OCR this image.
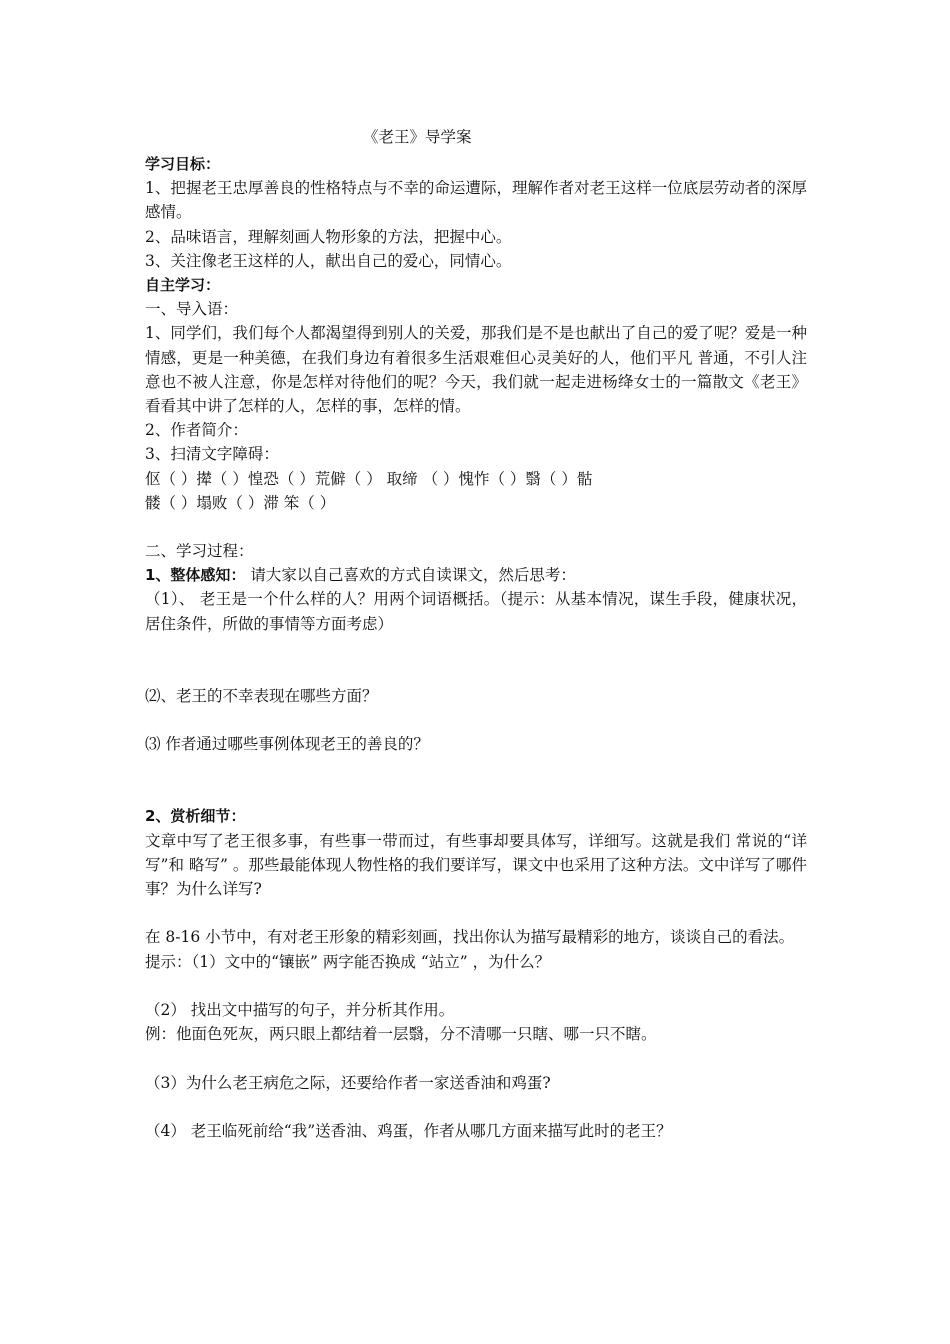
《老王》导学案
学习目标：
1、把握老王忠厚善良的性格特点与不幸的命运遭际，理解作者对老王这样一位底层劳动者的深厚感情。
2、品味语言，理解刻画人物形象的方法，把握中心。
3、关注像老王这样的人，献出自己的爱心，同情心。
自主学习：
一、导入语：
1、同学们，我们每个人都渴望得到别人的关爱，那我们是不是也献出了自己的爱了呢？爱是一种情感，更是一种美德，在我们身边有着很多生活艰难但心灵美好的人，他们平凡 普通，不引人注意也不被人注意，你是怎样对待他们的呢？今天，我们就一起走进杨绛女士的一篇散文《老王》 看看其中讲了怎样的人，怎样的事，怎样的情。
2、作者简介：
3、扫清文字障碍：
伛（ ）撵（ ）惶恐（ ）荒僻（ ） 取缔 （ ）愧怍（ ）翳（ ）骷
髅（ ）塌败（ ）滞 笨（ ）
二、学习过程：
1、整体感知： 请大家以自己喜欢的方式自读课文，然后思考：
（1）、 老王是一个什么样的人？用两个词语概括。（提示：从基本情况，谋生手段，健康状况，居住条件，所做的事情等方面考虑）
⑵、老王的不幸表现在哪些方面？
⑶ 作者通过哪些事例体现老王的善良的？
2、赏析细节：
文章中写了老王很多事，有些事一带而过，有些事却要具体写，详细写。这就是我们 常说的“详写”和 略写” 。那些最能体现人物性格的我们要详写，课文中也采用了这种方法。文中详写了哪件事？为什么详写?
在 8-16 小节中，有对老王形象的精彩刻画，找出你认为描写最精彩的地方，谈谈自己的看法。
提示：（1）文中的“镶嵌” 两字能否换成 “站立” ，为什么？
（2） 找出文中描写的句子，并分析其作用。
例：他面色死灰，两只眼上都结着一层翳，分不清哪一只瞎、哪一只不瞎。
（3）为什么老王病危之际，还要给作者一家送香油和鸡蛋?
（4） 老王临死前给“我”送香油、鸡蛋，作者从哪几方面来描写此时的老王？
